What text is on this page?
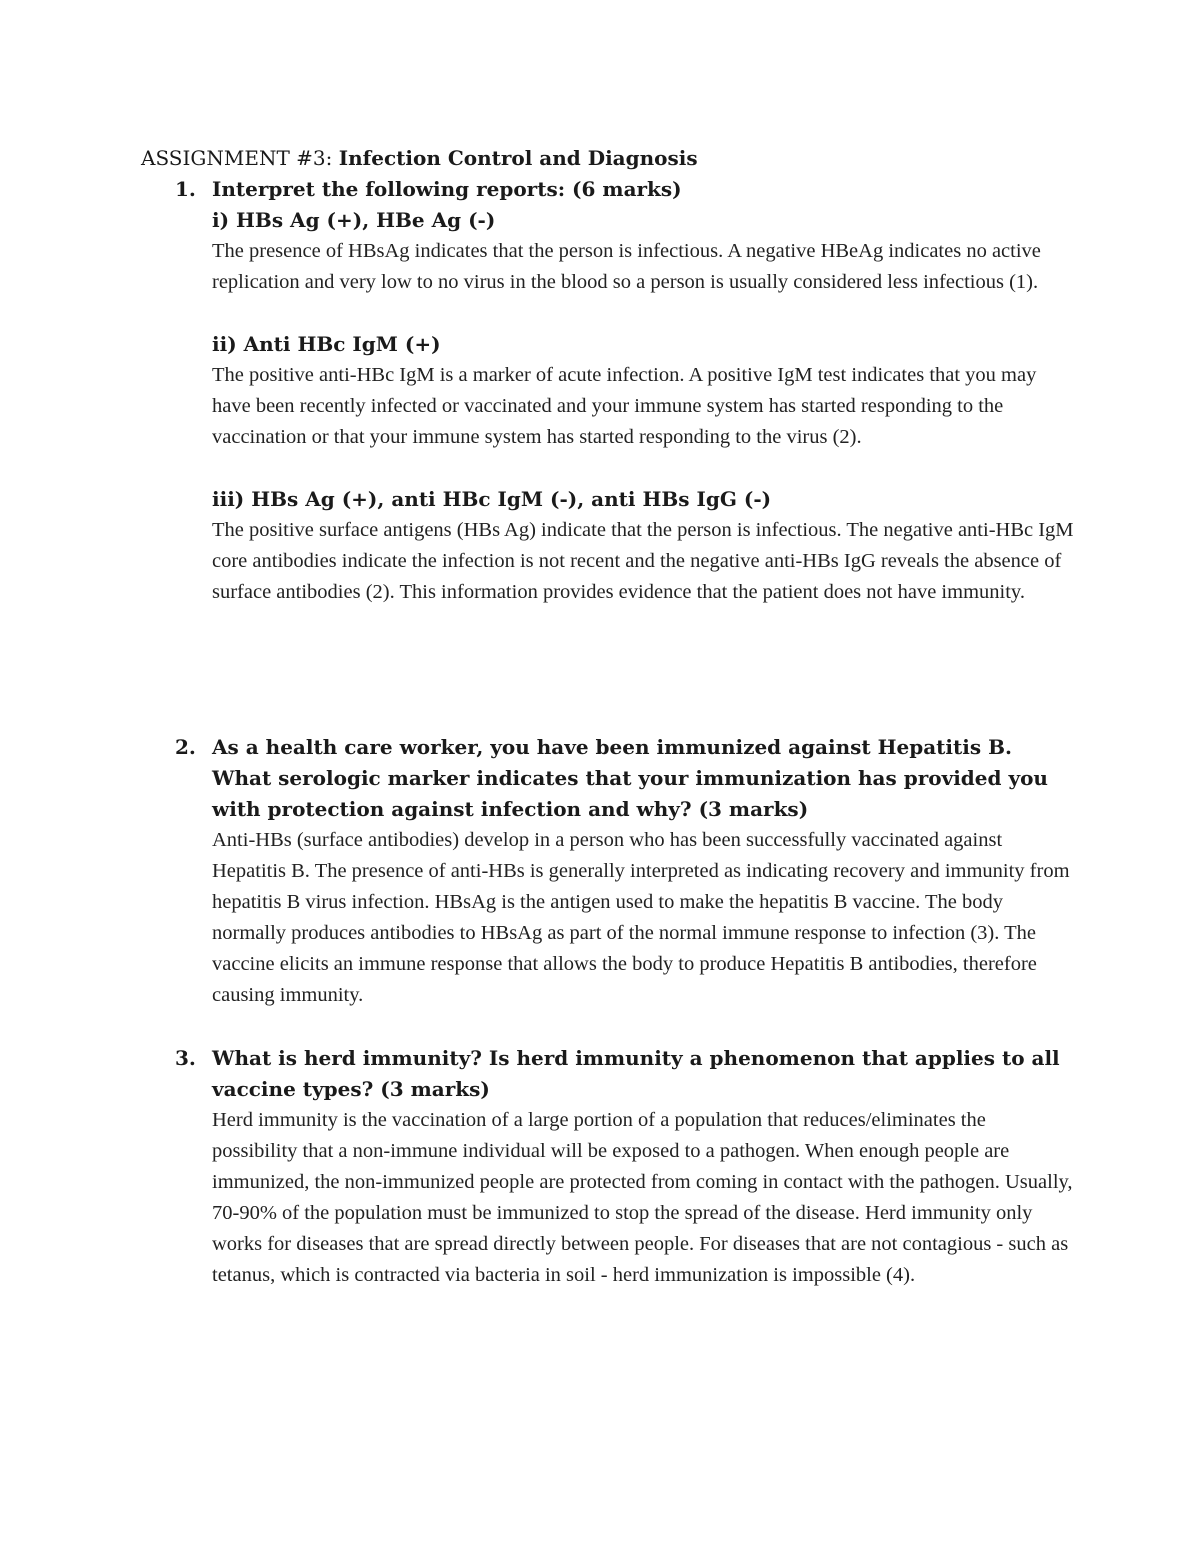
ASSIGNMENT #3: Infection Control and Diagnosis
1. Interpret the following reports: (6 marks)

i) HBs Ag (+), HBe Ag (-)

The presence of HBsAg indicates that the person is infectious. A negative HBeAg indicates no active replication and very low to no virus in the blood so a person is usually considered less infectious (1).

ii) Anti HBc IgM (+)

The positive anti-HBc IgM is a marker of acute infection. A positive IgM test indicates that you may have been recently infected or vaccinated and your immune system has started responding to the vaccination or that your immune system has started responding to the virus (2).

iii) HBs Ag (+), anti HBc IgM (-), anti HBs IgG (-)

The positive surface antigens (HBs Ag) indicate that the person is infectious. The negative anti-HBc IgM core antibodies indicate the infection is not recent and the negative anti-HBs IgG reveals the absence of surface antibodies (2). This information provides evidence that the patient does not have immunity.

2. As a health care worker, you have been immunized against Hepatitis B. What serologic marker indicates that your immunization has provided you with protection against infection and why? (3 marks)

Anti-HBs (surface antibodies) develop in a person who has been successfully vaccinated against Hepatitis B. The presence of anti-HBs is generally interpreted as indicating recovery and immunity from hepatitis B virus infection. HBsAg is the antigen used to make the hepatitis B vaccine. The body normally produces antibodies to HBsAg as part of the normal immune response to infection (3). The vaccine elicits an immune response that allows the body to produce Hepatitis B antibodies, therefore causing immunity.

3. What is herd immunity? Is herd immunity a phenomenon that applies to all vaccine types? (3 marks)

Herd immunity is the vaccination of a large portion of a population that reduces/eliminates the possibility that a non-immune individual will be exposed to a pathogen. When enough people are immunized, the non-immunized people are protected from coming in contact with the pathogen. Usually, 70-90% of the population must be immunized to stop the spread of the disease. Herd immunity only works for diseases that are spread directly between people. For diseases that are not contagious - such as tetanus, which is contracted via bacteria in soil - herd immunization is impossible (4).
